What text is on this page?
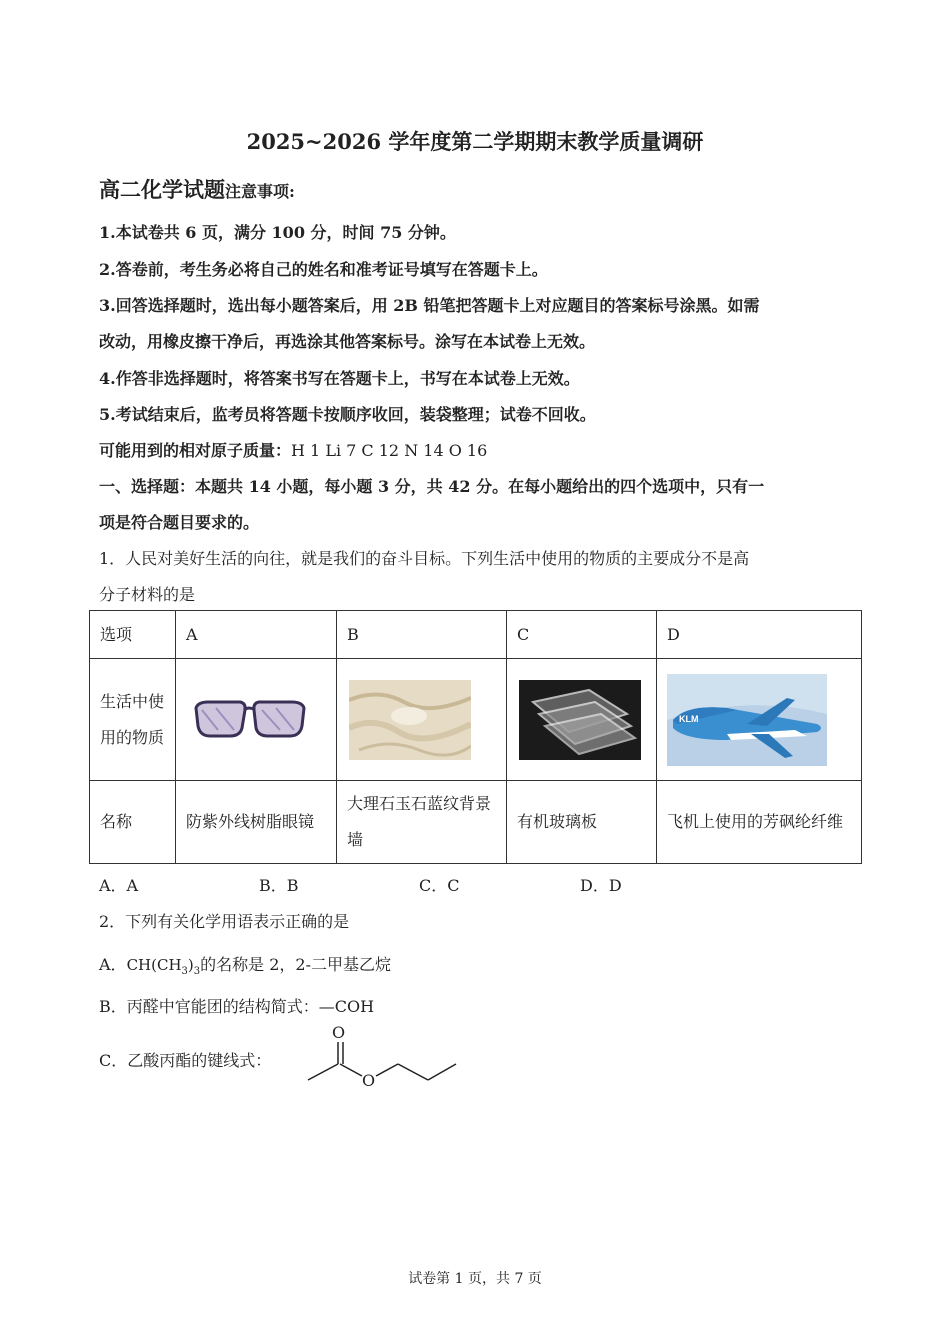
2025~2026 学年度第二学期期末教学质量调研
高二化学试题注意事项:
1.本试卷共 6 页，满分 100 分，时间 75 分钟。
2.答卷前，考生务必将自己的姓名和准考证号填写在答题卡上。
3.回答选择题时，选出每小题答案后，用 2B 铅笔把答题卡上对应题目的答案标号涂黑。如需
改动，用橡皮擦干净后，再选涂其他答案标号。涂写在本试卷上无效。
4.作答非选择题时，将答案书写在答题卡上，书写在本试卷上无效。
5.考试结束后，监考员将答题卡按顺序收回，装袋整理；试卷不回收。
可能用到的相对原子质量：H 1 Li 7 C 12 N 14 O 16
一、选择题：本题共 14 小题，每小题 3 分，共 42 分。在每小题给出的四个选项中，只有一
项是符合题目要求的。
1．人民对美好生活的向往，就是我们的奋斗目标。下列生活中使用的物质的主要成分不是高
分子材料的是
选项	A	B	C	D
生活中使用的物质				KLM

名称	防紫外线树脂眼镜	大理石玉石蓝纹背景墙	有机玻璃板	飞机上使用的芳砜纶纤维
A．A	B．B	C．C	D．D
2．下列有关化学用语表示正确的是
A．$CH(CH_3)_3$的名称是 2，2-二甲基乙烷
B．丙醛中官能团的结构简式：—COH
C．乙酸丙酯的键线式：
O
O
试卷第 1 页，共 7 页
